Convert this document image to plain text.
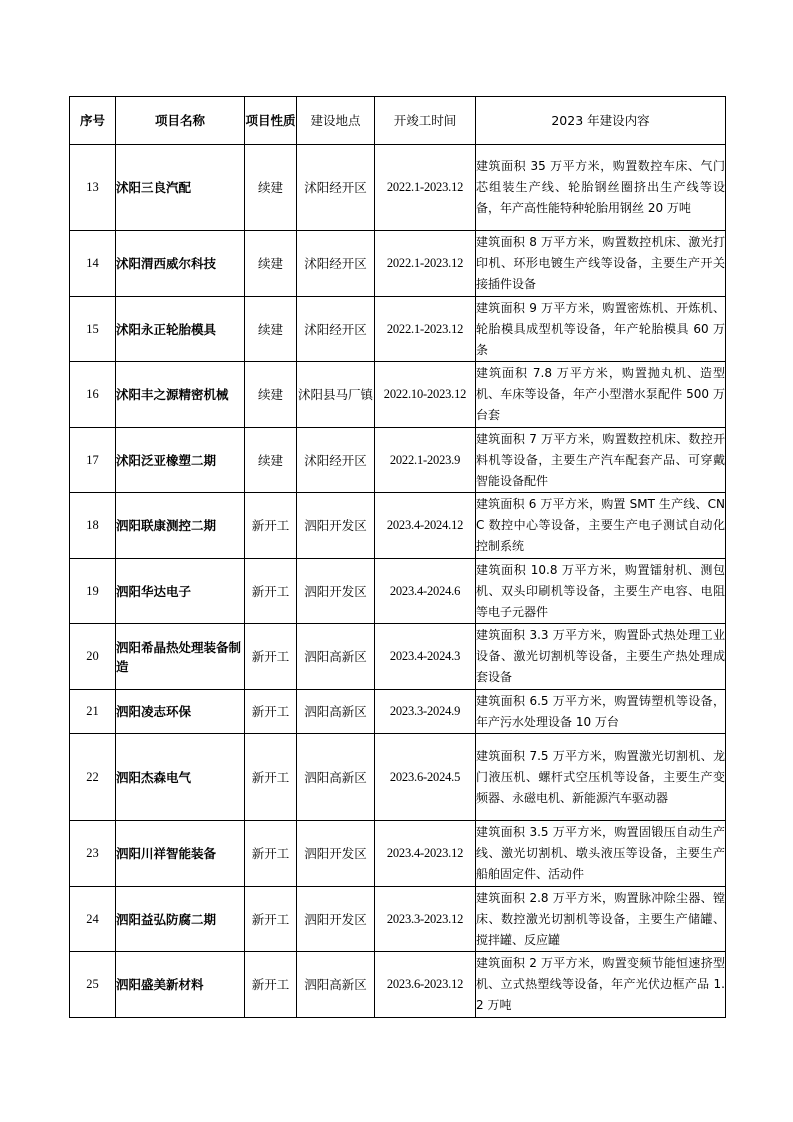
序号	项目名称	项目性质	建设地点	开竣工时间	2023 年建设内容
13	沭阳三良汽配	续建	沭阳经开区	2022.1-2023.12	建筑面积 35 万平方米，购置数控车床、气门芯组装生产线、轮胎钢丝圈挤出生产线等设备，年产高性能特种轮胎用钢丝 20 万吨
14	沭阳渭西威尔科技	续建	沭阳经开区	2022.1-2023.12	建筑面积 8 万平方米，购置数控机床、激光打印机、环形电镀生产线等设备，主要生产开关接插件设备
15	沭阳永正轮胎模具	续建	沭阳经开区	2022.1-2023.12	建筑面积 9 万平方米，购置密炼机、开炼机、轮胎模具成型机等设备，年产轮胎模具 60 万条
16	沭阳丰之源精密机械	续建	沭阳县马厂镇	2022.10-2023.12	建筑面积 7.8 万平方米，购置抛丸机、造型机、车床等设备，年产小型潜水泵配件 500 万台套
17	沭阳泛亚橡塑二期	续建	沭阳经开区	2022.1-2023.9	建筑面积 7 万平方米，购置数控机床、数控开料机等设备，主要生产汽车配套产品、可穿戴智能设备配件
18	泗阳联康测控二期	新开工	泗阳开发区	2023.4-2024.12	建筑面积 6 万平方米，购置 SMT 生产线、CNC 数控中心等设备，主要生产电子测试自动化控制系统
19	泗阳华达电子	新开工	泗阳开发区	2023.4-2024.6	建筑面积 10.8 万平方米，购置镭射机、测包机、双头印刷机等设备，主要生产电容、电阻等电子元器件
20	泗阳希晶热处理装备制造	新开工	泗阳高新区	2023.4-2024.3	建筑面积 3.3 万平方米，购置卧式热处理工业设备、激光切割机等设备，主要生产热处理成套设备
21	泗阳凌志环保	新开工	泗阳高新区	2023.3-2024.9	建筑面积 6.5 万平方米，购置铸塑机等设备，年产污水处理设备 10 万台
22	泗阳杰森电气	新开工	泗阳高新区	2023.6-2024.5	建筑面积 7.5 万平方米，购置激光切割机、龙门液压机、螺杆式空压机等设备，主要生产变频器、永磁电机、新能源汽车驱动器
23	泗阳川祥智能装备	新开工	泗阳开发区	2023.4-2023.12	建筑面积 3.5 万平方米，购置固锻压自动生产线、激光切割机、墩头液压等设备，主要生产船舶固定件、活动件
24	泗阳益弘防腐二期	新开工	泗阳开发区	2023.3-2023.12	建筑面积 2.8 万平方米，购置脉冲除尘器、镗床、数控激光切割机等设备，主要生产储罐、搅拌罐、反应罐
25	泗阳盛美新材料	新开工	泗阳高新区	2023.6-2023.12	建筑面积 2 万平方米，购置变频节能恒速挤型机、立式热塑线等设备，年产光伏边框产品 1.2 万吨
